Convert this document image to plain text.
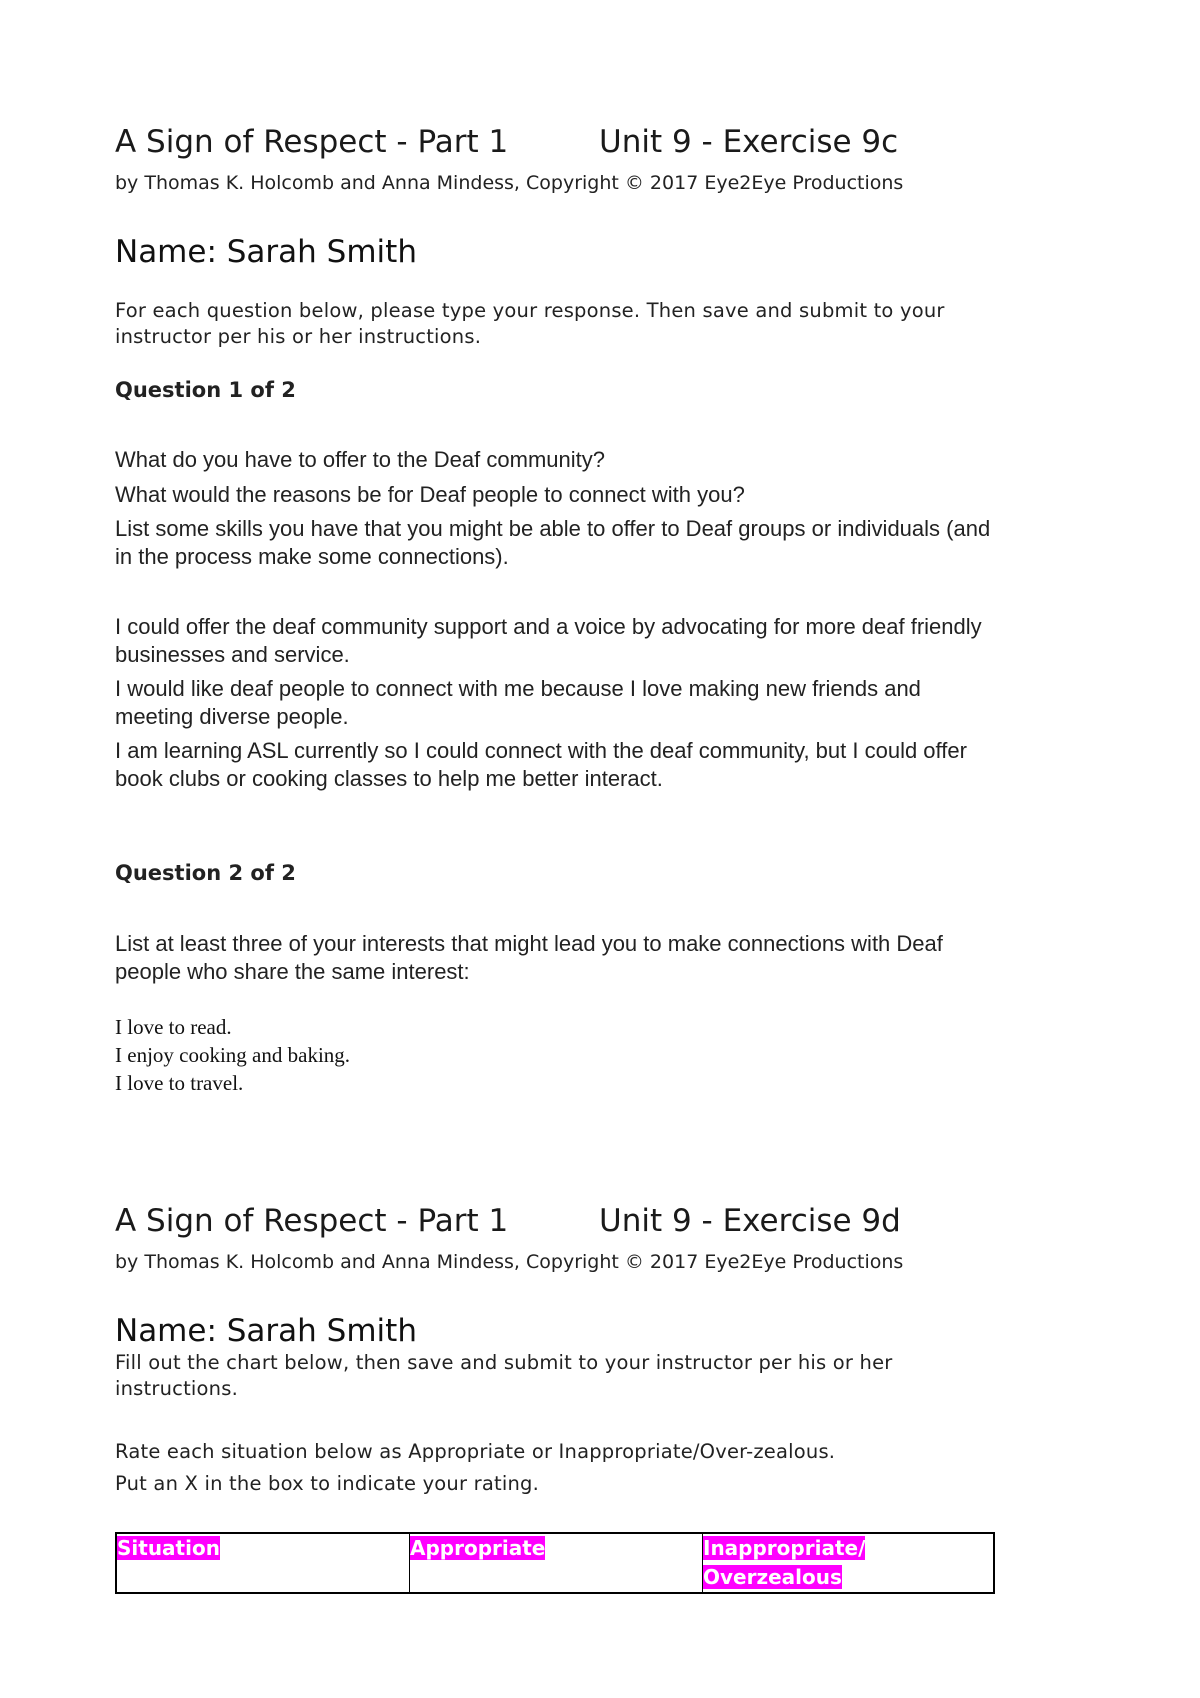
A Sign of Respect - Part 1	Unit 9 - Exercise 9c
by Thomas K. Holcomb and Anna Mindess, Copyright © 2017 Eye2Eye Productions
Name: Sarah Smith
For each question below, please type your response. Then save and submit to your
instructor per his or her instructions.
Question 1 of 2
What do you have to offer to the Deaf community?
What would the reasons be for Deaf people to connect with you?
List some skills you have that you might be able to offer to Deaf groups or individuals (and
in the process make some connections).
I could offer the deaf community support and a voice by advocating for more deaf friendly
businesses and service.
I would like deaf people to connect with me because I love making new friends and
meeting diverse people.
I am learning ASL currently so I could connect with the deaf community, but I could offer
book clubs or cooking classes to help me better interact.
Question 2 of 2
List at least three of your interests that might lead you to make connections with Deaf
people who share the same interest:
I love to read.
I enjoy cooking and baking.
I love to travel.
A Sign of Respect - Part 1	Unit 9 - Exercise 9d
by Thomas K. Holcomb and Anna Mindess, Copyright © 2017 Eye2Eye Productions
Name: Sarah Smith
Fill out the chart below, then save and submit to your instructor per his or her
instructions.
Rate each situation below as Appropriate or Inappropriate/Over-zealous.
Put an X in the box to indicate your rating.
Situation	Appropriate	Inappropriate/
Overzealous
